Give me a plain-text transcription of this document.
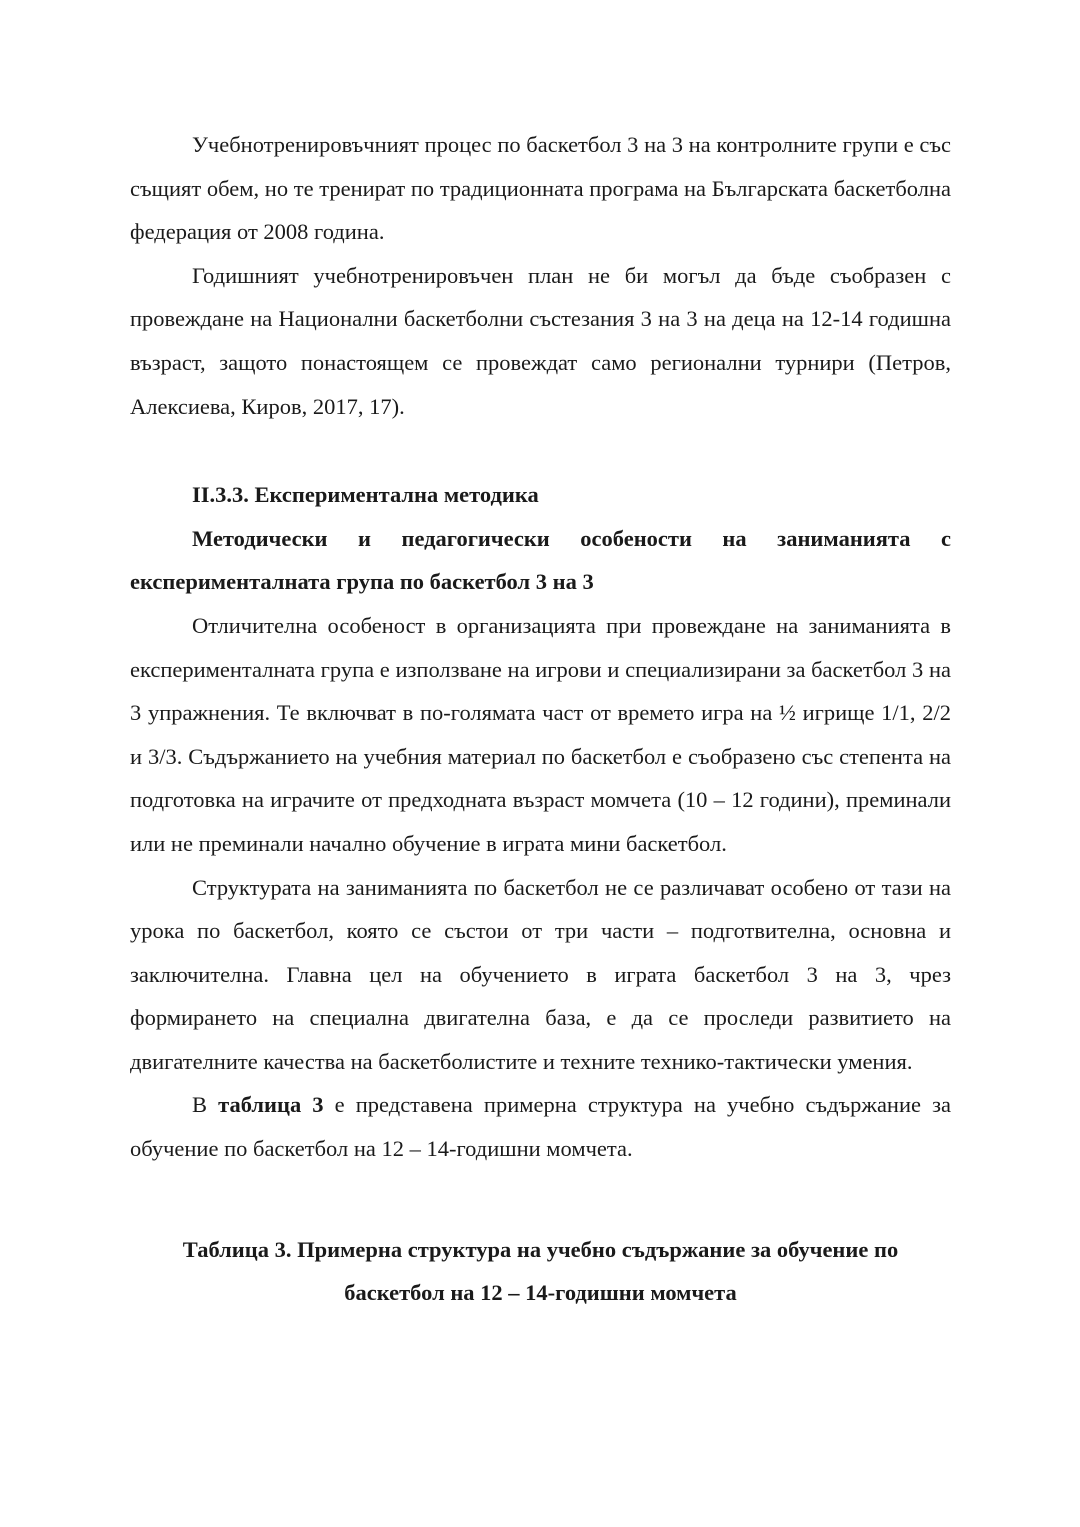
Учебнотренировъчният процес по баскетбол 3 на 3 на контролните групи е със същият обем, но те тренират по традиционната програма на Българската баскетболна федерация от 2008 година.

Годишният учебнотренировъчен план не би могъл да бъде съобразен с провеждане на Национални баскетболни състезания 3 на 3 на деца на 12-14 годишна възраст, защото понастоящем се провеждат само регионални турнири (Петров, Алексиева, Киров, 2017, 17).

II.3.3. Експериментална методика
Методически и педагогически особености на заниманията с експерименталната група по баскетбол 3 на 3

Отличителна особеност в организацията при провеждане на заниманията в експерименталната група е използване на игрови и специализирани за баскетбол 3 на 3 упражнения. Те включват в по-голямата част от времето игра на ½ игрище 1/1, 2/2 и 3/3. Съдържанието на учебния материал по баскетбол е съобразено със степента на подготовка на играчите от предходната възраст момчета (10 – 12 години), преминали или не преминали начално обучение в играта мини баскетбол.

Структурата на заниманията по баскетбол не се различават особено от тази на урока по баскетбол, която се състои от три части – подготвителна, основна и заключителна. Главна цел на обучението в играта баскетбол 3 на 3, чрез формирането на специална двигателна база, е да се проследи развитието на двигателните качества на баскетболистите и техните технико-тактически умения.

В таблица 3 е представена примерна структура на учебно съдържание за обучение по баскетбол на 12 – 14-годишни момчета.

Таблица 3. Примерна структура на учебно съдържание за обучение по
баскетбол на 12 – 14-годишни момчета
